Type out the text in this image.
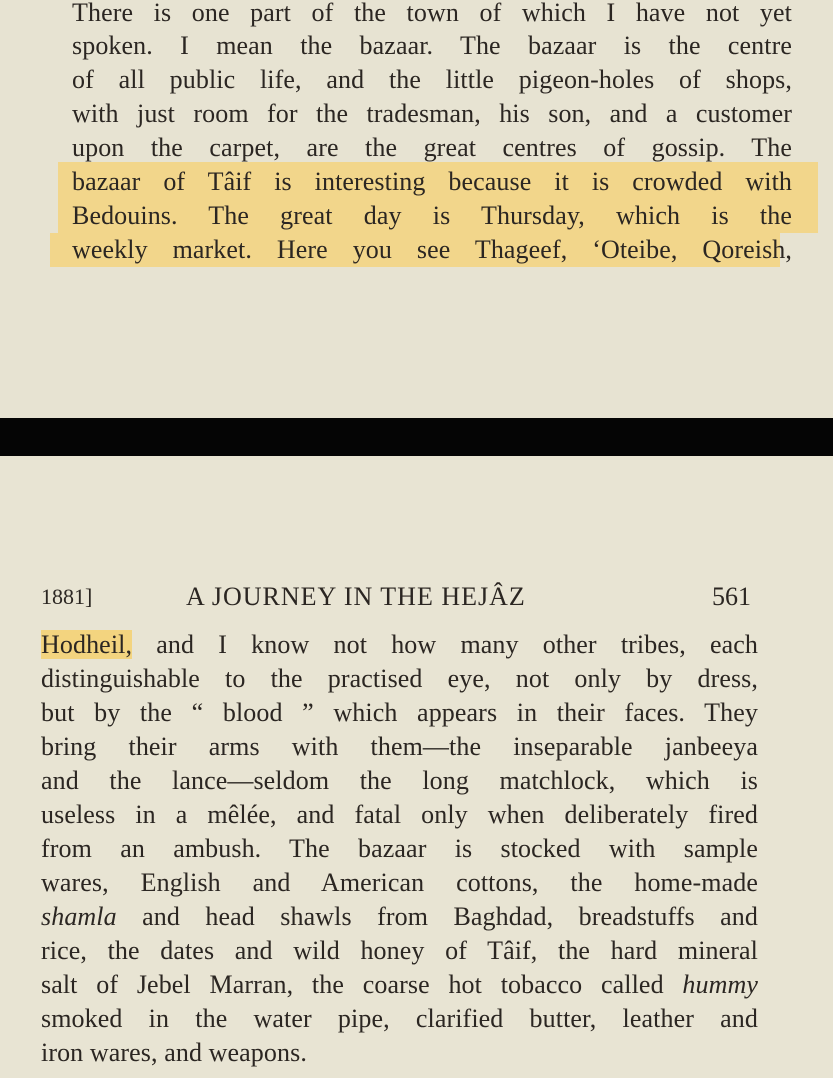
There is one part of the town of which I have not yet
spoken. I mean the bazaar. The bazaar is the centre
of all public life, and the little pigeon-holes of shops,
with just room for the tradesman, his son, and a customer
upon the carpet, are the great centres of gossip. The
bazaar of Tâif is interesting because it is crowded with
Bedouins. The great day is Thursday, which is the
weekly market. Here you see Thageef, ‘Oteibe, Qoreish,
1881]	A JOURNEY IN THE HEJÂZ	561
Hodheil, and I know not how many other tribes, each
distinguishable to the practised eye, not only by dress,
but by the “ blood ” which appears in their faces. They
bring their arms with them—the inseparable janbeeya
and the lance—seldom the long matchlock, which is
useless in a mêlée, and fatal only when deliberately fired
from an ambush. The bazaar is stocked with sample
wares, English and American cottons, the home-made
shamla and head shawls from Baghdad, breadstuffs and
rice, the dates and wild honey of Tâif, the hard mineral
salt of Jebel Marran, the coarse hot tobacco called hummy
smoked in the water pipe, clarified butter, leather and
iron wares, and weapons.
